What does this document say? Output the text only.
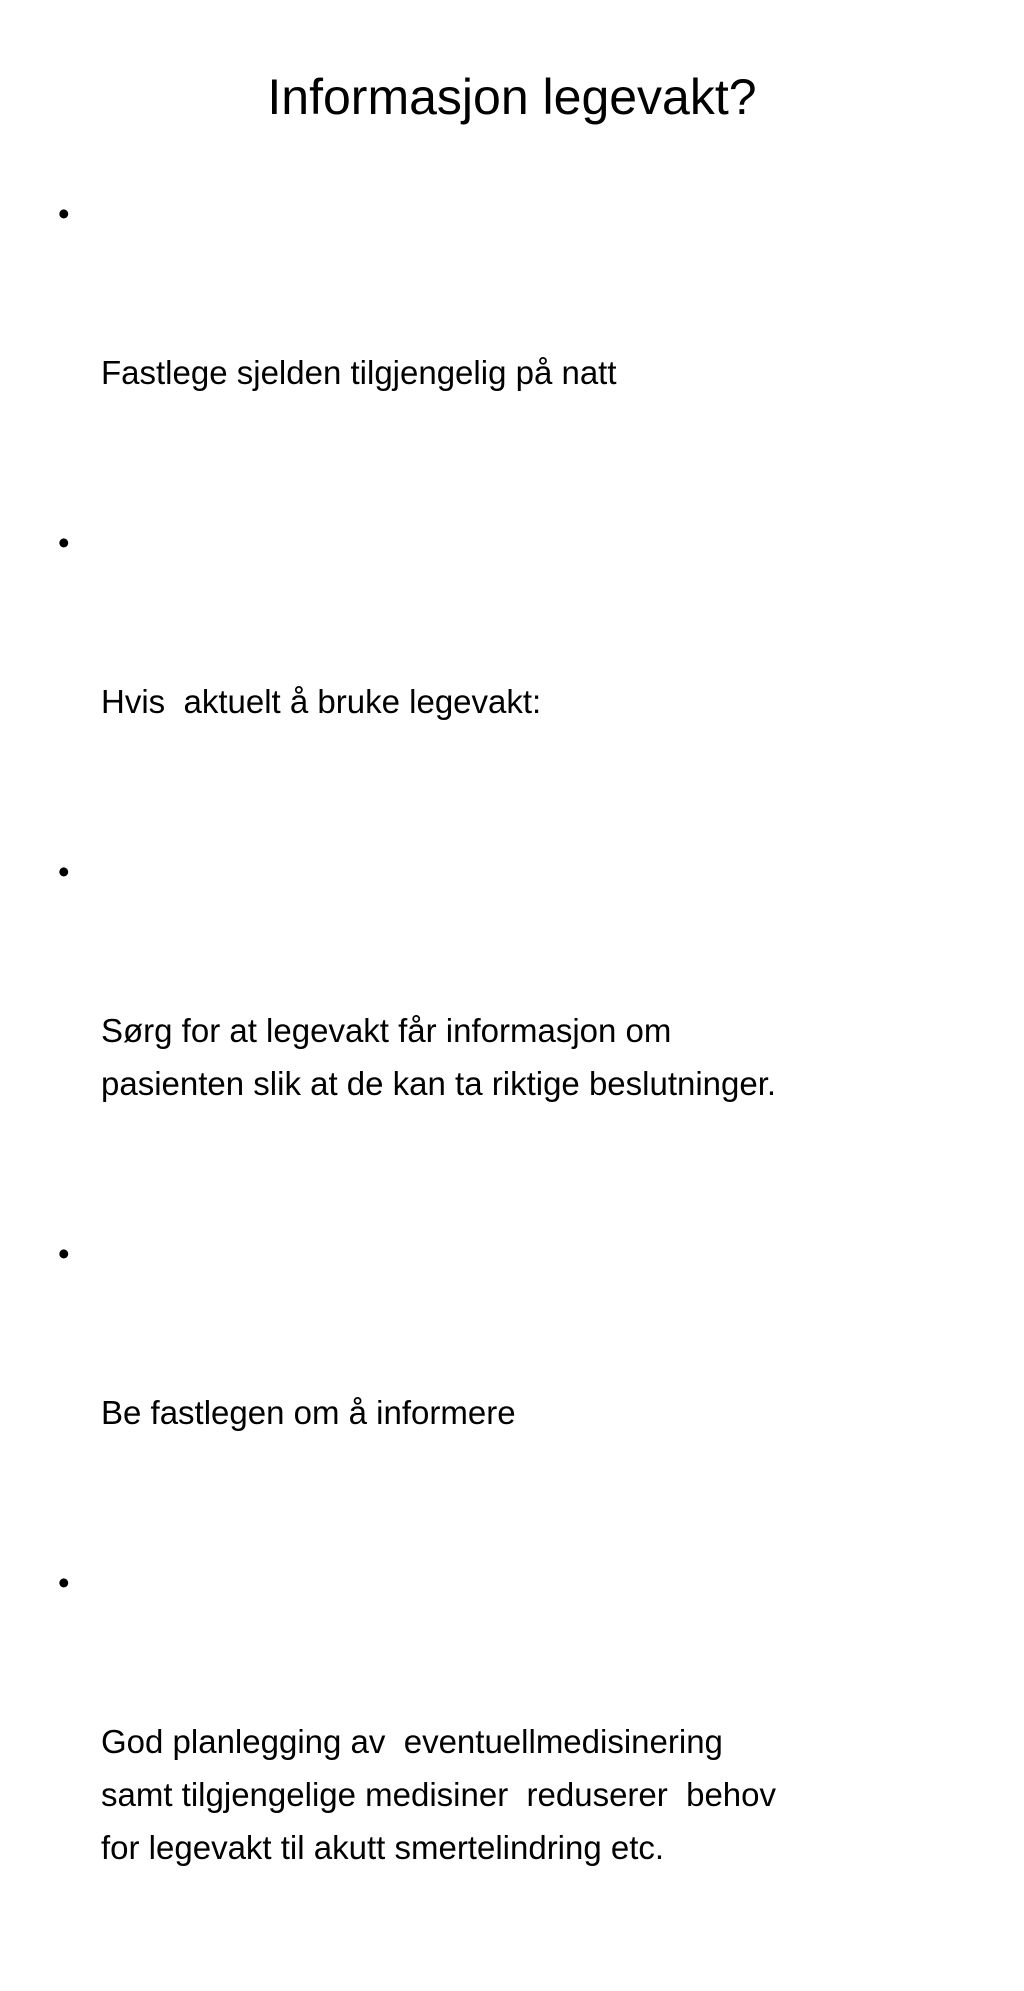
Informasjon legevakt?

•

Fastlege sjelden tilgjengelig på natt

•

Hvis  aktuelt å bruke legevakt:

•

Sørg for at legevakt får informasjon om
pasienten slik at de kan ta riktige beslutninger.

•

Be fastlegen om å informere

•

God planlegging av  eventuellmedisinering
samt tilgjengelige medisiner  reduserer  behov
for legevakt til akutt smertelindring etc.
